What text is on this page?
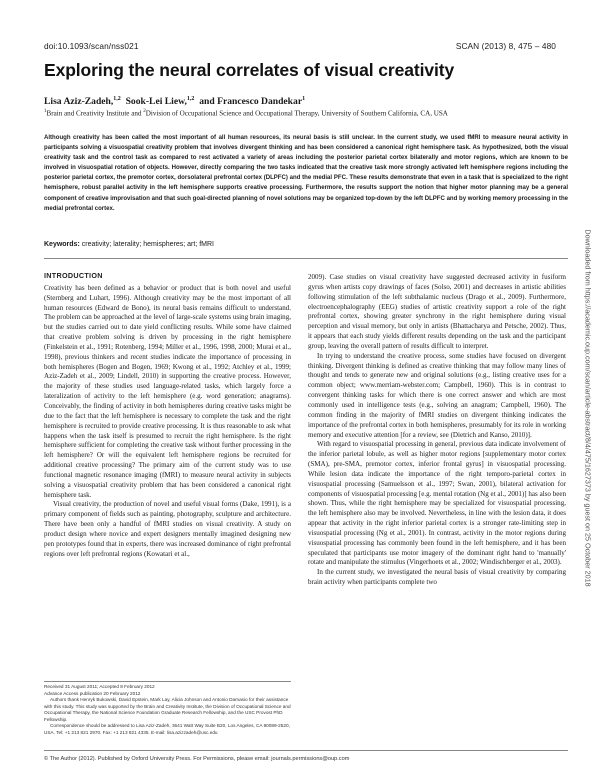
doi:10.1093/scan/nss021	SCAN (2013) 8, 475 – 480
Exploring the neural correlates of visual creativity
Lisa Aziz-Zadeh,$^{1,2}$ Sook-Lei Liew,$^{1,2}$ and Francesco Dandekar$^1$
$^1$Brain and Creativity Institute and $^2$Division of Occupational Science and Occupational Therapy, University of Southern California, CA, USA
Although creativity has been called the most important of all human resources, its neural basis is still unclear. In the current study, we used fMRI to measure neural activity in participants solving a visuospatial creativity problem that involves divergent thinking and has been considered a canonical right hemisphere task. As hypothesized, both the visual creativity task and the control task as compared to rest activated a variety of areas including the posterior parietal cortex bilaterally and motor regions, which are known to be involved in visuospatial rotation of objects. However, directly comparing the two tasks indicated that the creative task more strongly activated left hemisphere regions including the posterior parietal cortex, the premotor cortex, dorsolateral prefrontal cortex (DLPFC) and the medial PFC. These results demonstrate that even in a task that is specialized to the right hemisphere, robust parallel activity in the left hemisphere supports creative processing. Furthermore, the results support the notion that higher motor planning may be a general component of creative improvisation and that such goal-directed planning of novel solutions may be organized top-down by the left DLPFC and by working memory processing in the medial prefrontal cortex.
Keywords: creativity; laterality; hemispheres; art; fMRI
INTRODUCTION

Creativity has been defined as a behavior or product that is both novel and useful (Sternberg and Luhart, 1996). Although creativity may be the most important of all human resources (Edward de Bono), its neural basis remains difficult to understand. The problem can be approached at the level of large-scale systems using brain imaging, but the studies carried out to date yield conflicting results. While some have claimed that creative problem solving is driven by processing in the right hemisphere (Finkelstein et al., 1991; Rotenberg, 1994; Miller et al., 1996, 1998, 2000; Murai et al., 1998), previous thinkers and recent studies indicate the importance of processing in both hemispheres (Bogen and Bogen, 1969; Kwong et al., 1992; Atchley et al., 1999; Aziz-Zadeh et al., 2009; Lindell, 2010) in supporting the creative process. However, the majority of these studies used language-related tasks, which largely force a lateralization of activity to the left hemisphere (e.g. word generation; anagrams). Conceivably, the finding of activity in both hemispheres during creative tasks might be due to the fact that the left hemisphere is necessary to complete the task and the right hemisphere is recruited to provide creative processing. It is thus reasonable to ask what happens when the task itself is presumed to recruit the right hemisphere. Is the right hemisphere sufficient for completing the creative task without further processing in the left hemisphere? Or will the equivalent left hemisphere regions be recruited for additional creative processing? The primary aim of the current study was to use functional magnetic resonance imaging (fMRI) to measure neural activity in subjects solving a visuospatial creativity problem that has been considered a canonical right hemisphere task.

Visual creativity, the production of novel and useful visual forms (Dake, 1991), is a primary component of fields such as painting, photography, sculpture and architecture. There have been only a handful of fMRI studies on visual creativity. A study on product design where novice and expert designers mentally imagined designing new pen prototypes found that in experts, there was increased dominance of right prefrontal regions over left prefrontal regions (Kowatari et al.,

Received 31 August 2011; Accepted 8 February 2012

Advance Access publication 20 February 2012

Authors thank Henryk Bukowski, David Epstein, Mark Lay, Alicia Johnson and Antonio Damasio for their assistance with this study. This study was supported by the Brain and Creativity Institute, the Division of Occupational Science and Occupational Therapy, the National Science Foundation Graduate Research Fellowship, and the USC Provost PhD Fellowship.

Correspondence should be addressed to Lisa Aziz-Zadeh, 3641 Watt Way Suite B20, Los Angeles, CA 90089-2520, USA. Tel: +1 213 821 2970. Fax: +1 213 821 4335. E-mail: lisa.azizzadeh@usc.edu

© The Author (2012). Published by Oxford University Press. For Permissions, please email: journals.permissions@oup.com

2009). Case studies on visual creativity have suggested decreased activity in fusiform gyrus when artists copy drawings of faces (Solso, 2001) and decreases in artistic abilities following stimulation of the left subthalamic nucleus (Drago et al., 2009). Furthermore, electroencephalography (EEG) studies of artistic creativity support a role of the right prefrontal cortex, showing greater synchrony in the right hemisphere during visual perception and visual memory, but only in artists (Bhattacharya and Petsche, 2002). Thus, it appears that each study yields different results depending on the task and the participant group, leaving the overall pattern of results difficult to interpret.

In trying to understand the creative process, some studies have focused on divergent thinking. Divergent thinking is defined as creative thinking that may follow many lines of thought and tends to generate new and original solutions (e.g., listing creative uses for a common object; www.merriam-webster.com; Campbell, 1960). This is in contrast to convergent thinking tasks for which there is one correct answer and which are most commonly used in intelligence tests (e.g., solving an anagram; Campbell, 1960). The common finding in the majority of fMRI studies on divergent thinking indicates the importance of the prefrontal cortex in both hemispheres, presumably for its role in working memory and executive attention [for a review, see (Dietrich and Kanso, 2010)].

With regard to visuospatial processing in general, previous data indicate involvement of the inferior parietal lobule, as well as higher motor regions [supplementary motor cortex (SMA), pre-SMA, premotor cortex, inferior frontal gyrus] in visuospatial processing. While lesion data indicate the importance of the right temporo-parietal cortex in visuospatial processing (Samuelsson et al., 1997; Swan, 2001), bilateral activation for components of visuospatial processing [e.g. mental rotation (Ng et al., 2001)] has also been shown. Thus, while the right hemisphere may be specialized for visuospatial processing, the left hemisphere also may be involved. Nevertheless, in line with the lesion data, it does appear that activity in the right inferior parietal cortex is a stronger rate-limiting step in visuospatial processing (Ng et al., 2001). In contrast, activity in the motor regions during visuospatial processing has commonly been found in the left hemisphere, and it has been speculated that participants use motor imagery of the dominant right hand to 'manually' rotate and manipulate the stimulus (Vingerhoets et al., 2002; Windischberger et al., 2003).

In the current study, we investigated the neural basis of visual creativity by comparing brain activity when participants complete two	Downloaded from https://academic.oup.com/scan/article-abstract/8/4/475/1627373 by guest on 25 October 2018
